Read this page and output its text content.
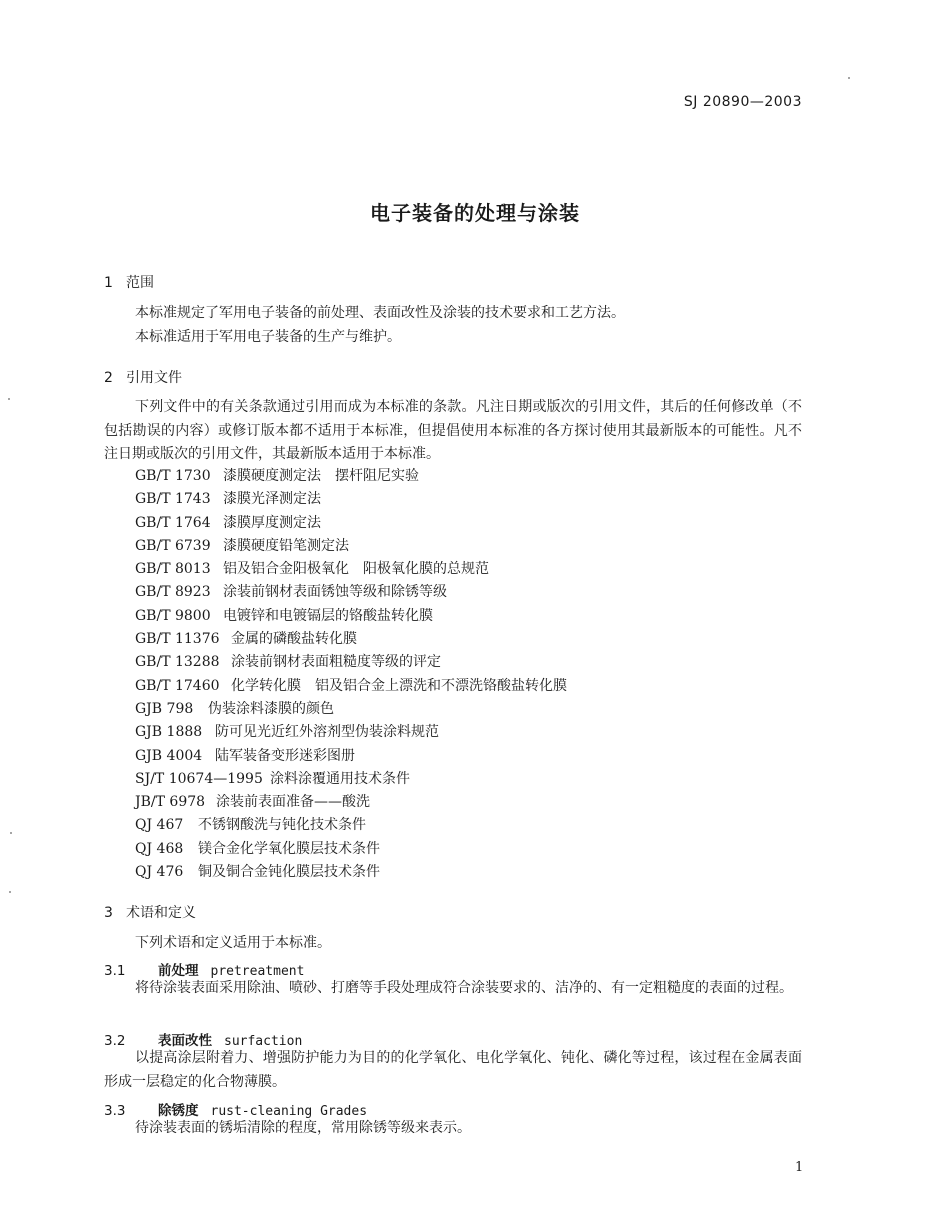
SJ 20890—2003
电子装备的处理与涂装
1 范围
本标准规定了军用电子装备的前处理、表面改性及涂装的技术要求和工艺方法。
本标准适用于军用电子装备的生产与维护。
2 引用文件
下列文件中的有关条款通过引用而成为本标准的条款。凡注日期或版次的引用文件，其后的任何修改单（不包括勘误的内容）或修订版本都不适用于本标准，但提倡使用本标准的各方探讨使用其最新版本的可能性。凡不注日期或版次的引用文件，其最新版本适用于本标准。
GB/T 1730 漆膜硬度测定法　摆杆阻尼实验
GB/T 1743 漆膜光泽测定法
GB/T 1764 漆膜厚度测定法
GB/T 6739 漆膜硬度铅笔测定法
GB/T 8013 铝及铝合金阳极氧化　阳极氧化膜的总规范
GB/T 8923 涂装前钢材表面锈蚀等级和除锈等级
GB/T 9800 电镀锌和电镀镉层的铬酸盐转化膜
GB/T 11376 金属的磷酸盐转化膜
GB/T 13288 涂装前钢材表面粗糙度等级的评定
GB/T 17460 化学转化膜　铝及铝合金上漂洗和不漂洗铬酸盐转化膜
GJB 798 伪装涂料漆膜的颜色
GJB 1888 防可见光近红外溶剂型伪装涂料规范
GJB 4004 陆军装备变形迷彩图册
SJ/T 10674—1995 涂料涂覆通用技术条件
JB/T 6978 涂装前表面准备——酸洗
QJ 467 不锈钢酸洗与钝化技术条件
QJ 468 镁合金化学氧化膜层技术条件
QJ 476 铜及铜合金钝化膜层技术条件
3 术语和定义
下列术语和定义适用于本标准。
3.1 前处理 pretreatment
将待涂装表面采用除油、喷砂、打磨等手段处理成符合涂装要求的、洁净的、有一定粗糙度的表面的过程。
3.2 表面改性 surfaction
以提高涂层附着力、增强防护能力为目的的化学氧化、电化学氧化、钝化、磷化等过程，该过程在金属表面形成一层稳定的化合物薄膜。
3.3 除锈度 rust-cleaning Grades
待涂装表面的锈垢清除的程度，常用除锈等级来表示。
1
